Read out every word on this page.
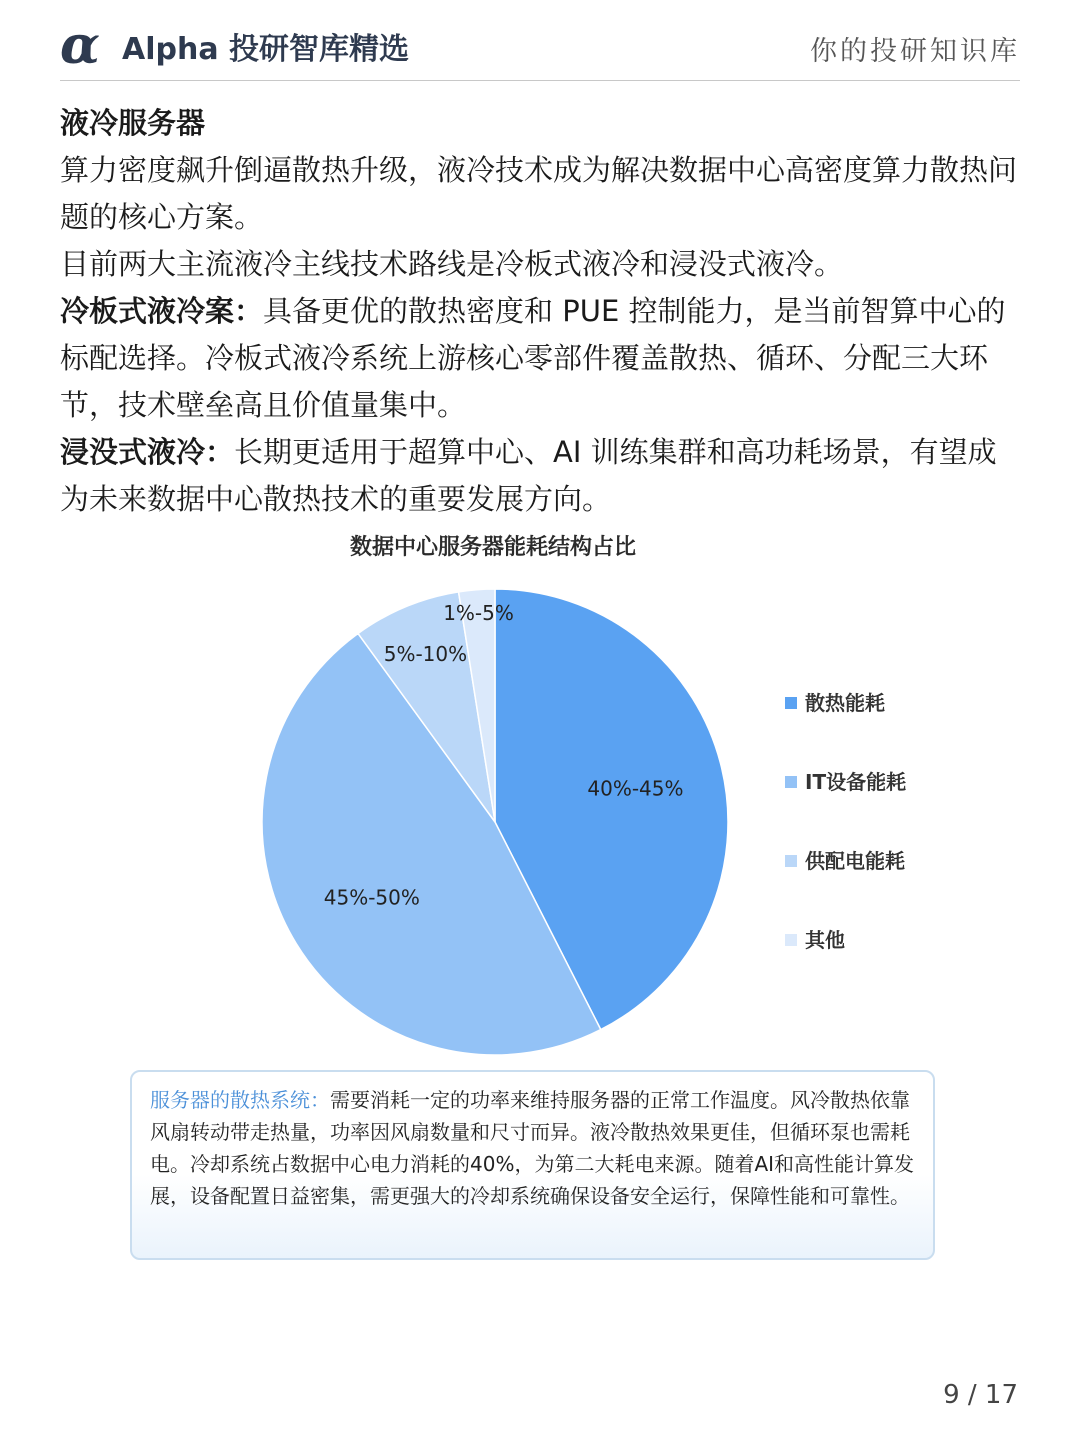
α Alpha 投研智库精选	你的投研知识库

液冷服务器

算力密度飙升倒逼散热升级，液冷技术成为解决数据中心高密度算力散热问题的核心方案。

目前两大主流液冷主线技术路线是冷板式液冷和浸没式液冷。

冷板式液冷案：具备更优的散热密度和 PUE 控制能力，是当前智算中心的标配选择。冷板式液冷系统上游核心零部件覆盖散热、循环、分配三大环节，技术壁垒高且价值量集中。

浸没式液冷：长期更适用于超算中心、AI 训练集群和高功耗场景，有望成为未来数据中心散热技术的重要发展方向。

数据中心服务器能耗结构占比
40%-45%
45%-50%
5%-10%
1%-5%
散热能耗
IT设备能耗
供配电能耗
其他
服务器的散热系统：需要消耗一定的功率来维持服务器的正常工作温度。风冷散热依靠风扇转动带走热量，功率因风扇数量和尺寸而异。液冷散热效果更佳，但循环泵也需耗电。冷却系统占数据中心电力消耗的40%，为第二大耗电来源。随着AI和高性能计算发展，设备配置日益密集，需更强大的冷却系统确保设备安全运行，保障性能和可靠性。
9 / 17
